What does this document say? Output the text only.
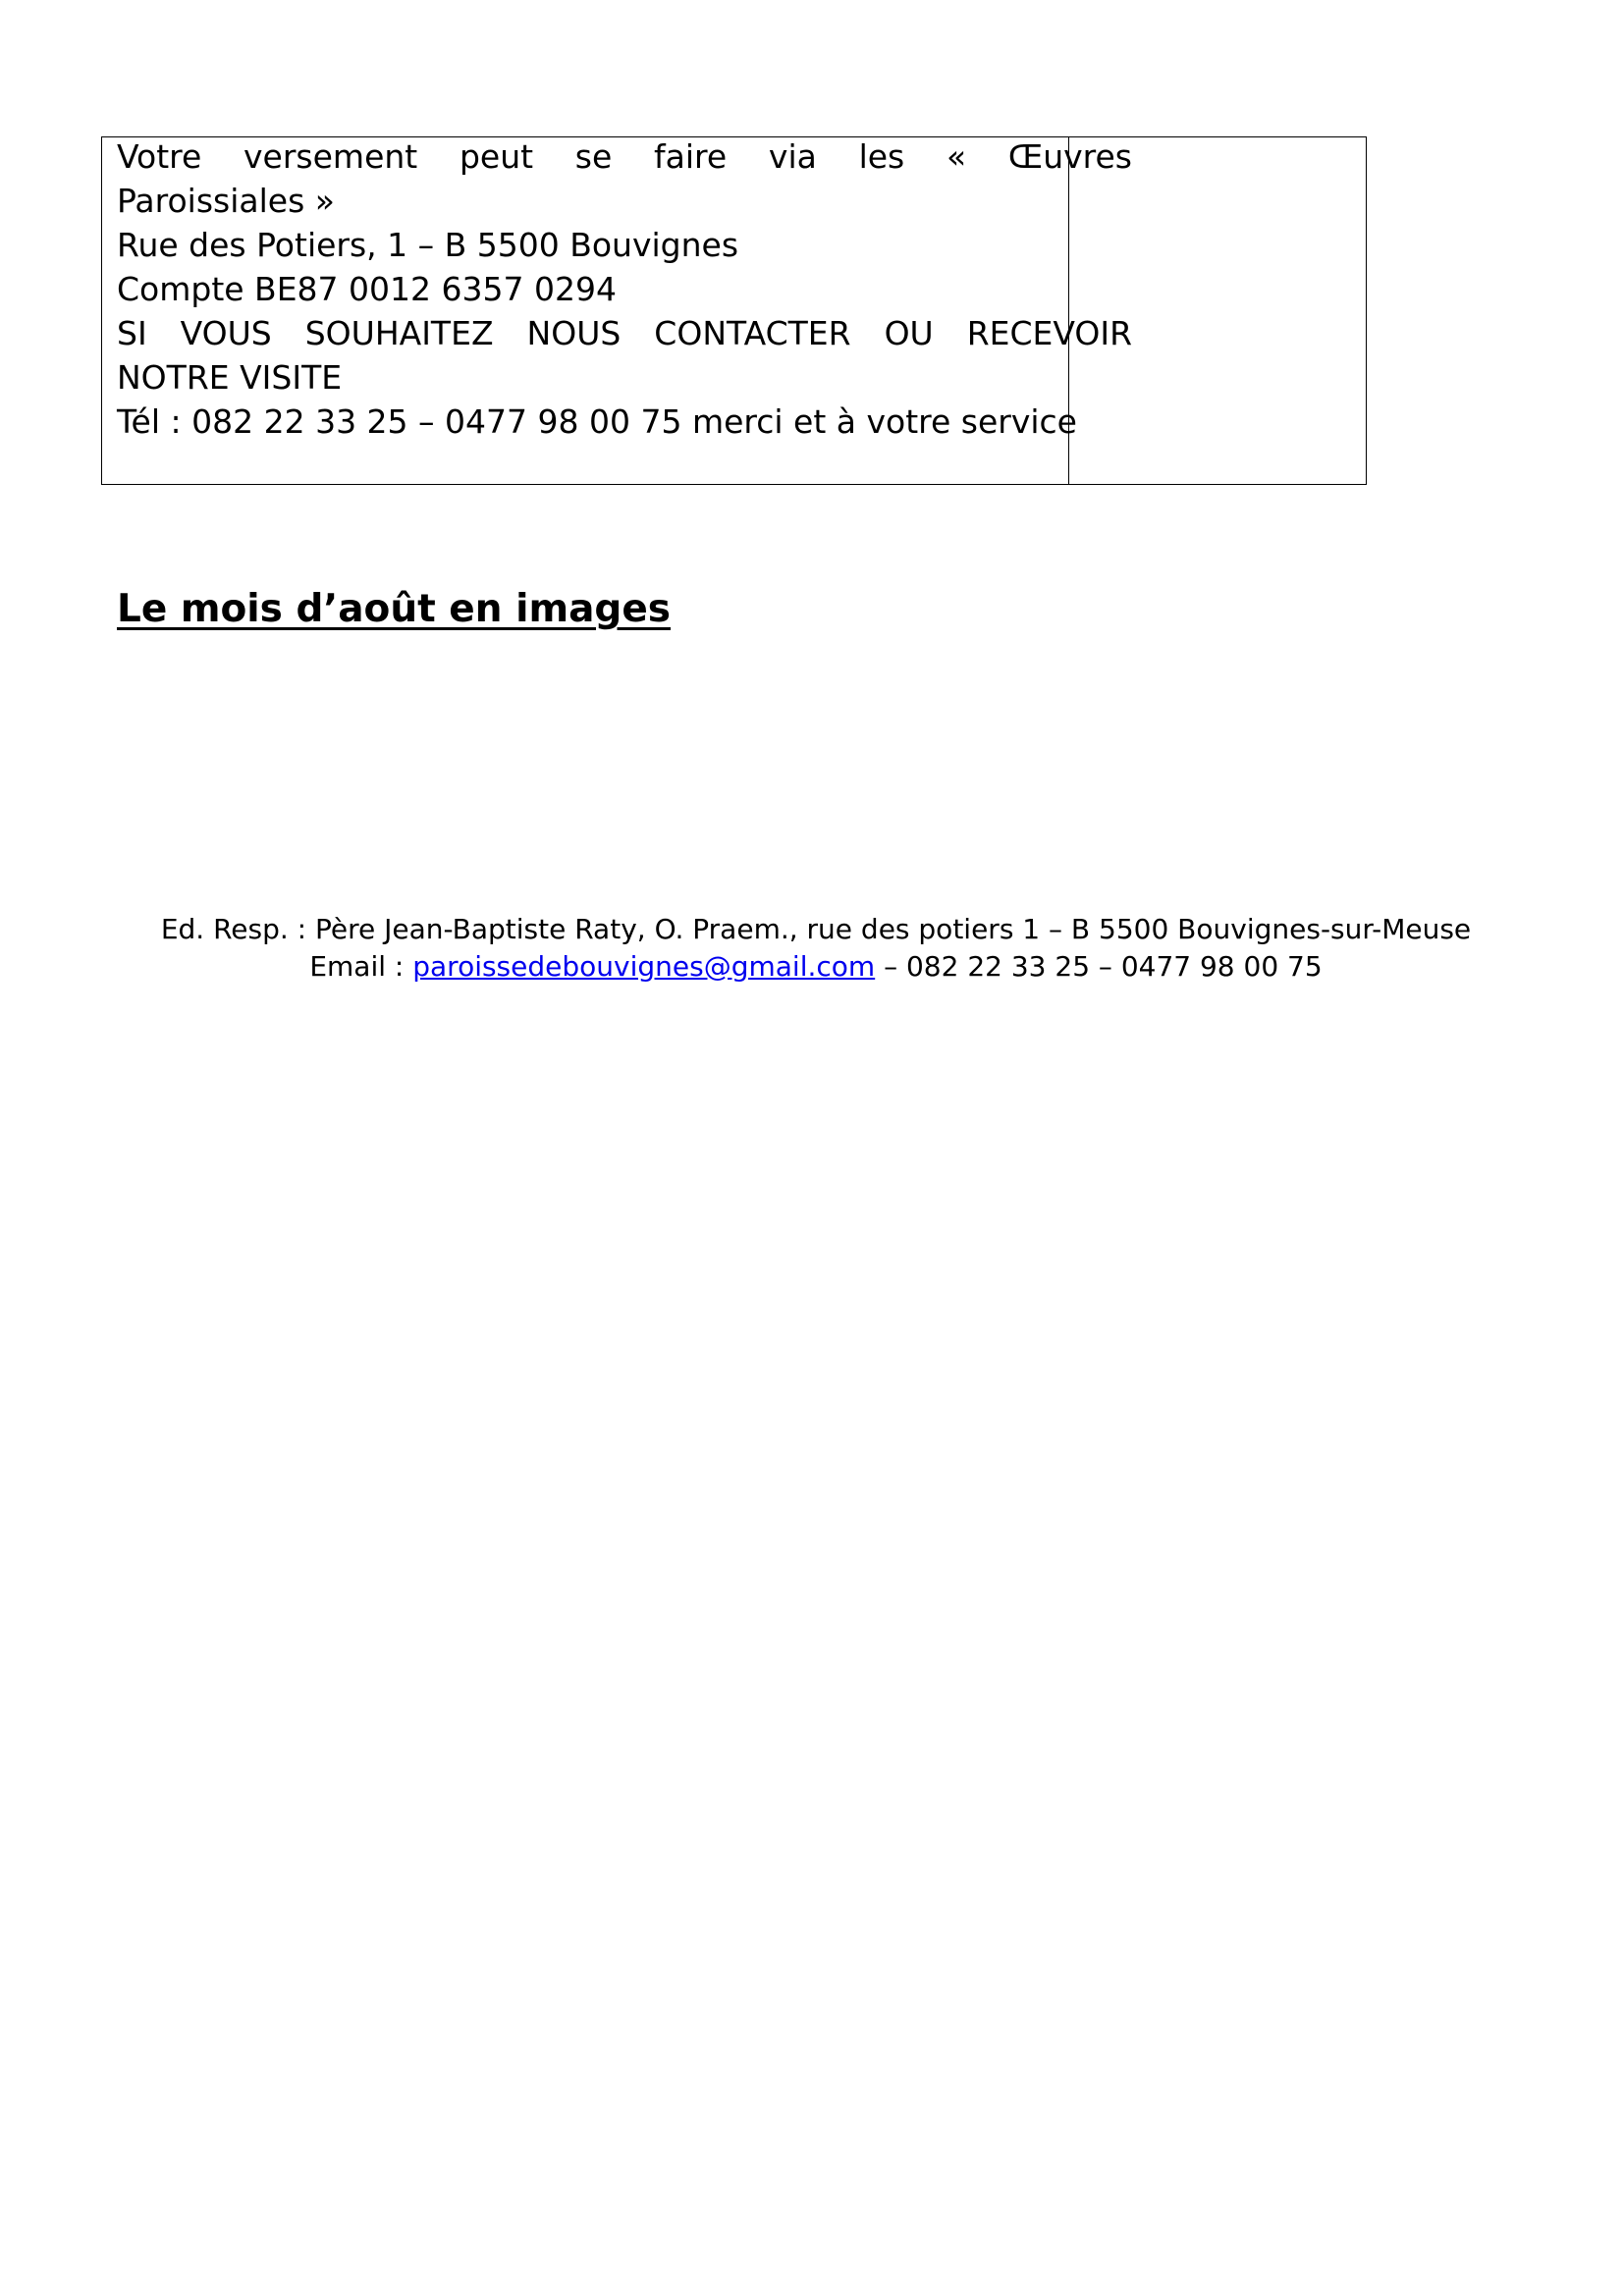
Votre versement peut se faire via les « Œuvres
Paroissiales »
Rue des Potiers, 1 – B 5500 Bouvignes
Compte BE87 0012 6357 0294
SI VOUS SOUHAITEZ NOUS CONTACTER OU RECEVOIR
NOTRE VISITE
Tél : 082 22 33 25 – 0477 98 00 75 merci et à votre service
Le mois d’août en images
Ed. Resp. : Père Jean-Baptiste Raty, O. Praem., rue des potiers 1 – B 5500 Bouvignes-sur-Meuse
Email : paroissedebouvignes@gmail.com – 082 22 33 25 – 0477 98 00 75
